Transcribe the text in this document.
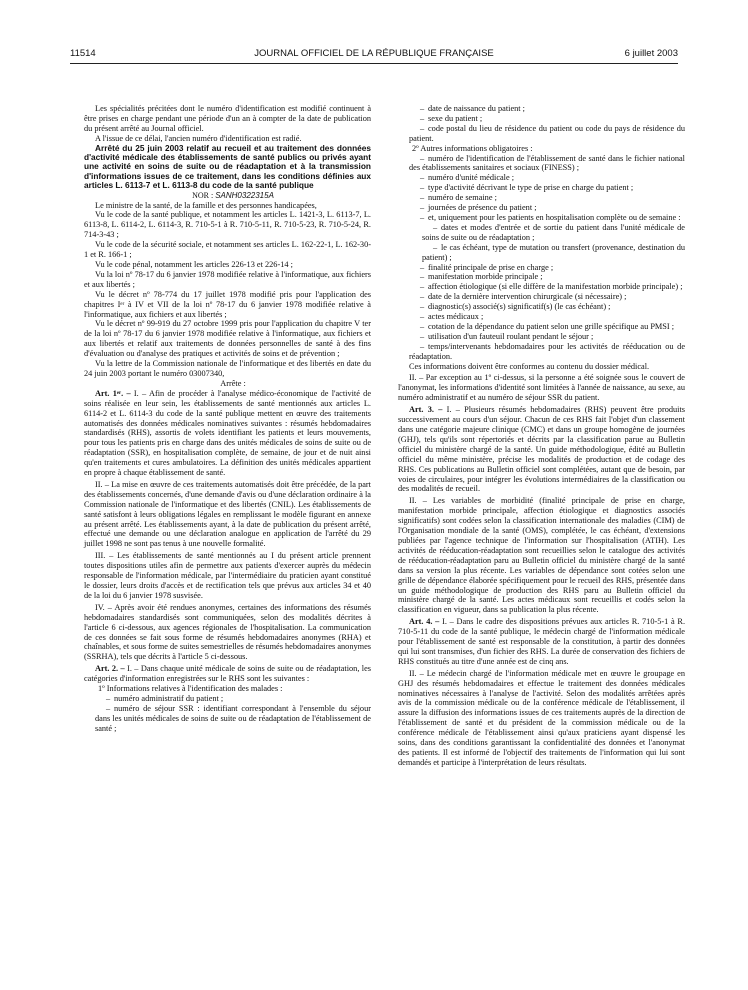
11514	JOURNAL OFFICIEL DE LA RÉPUBLIQUE FRANÇAISE	6 juillet 2003

Les spécialités précitées dont le numéro d'identification est modifié continuent à être prises en charge pendant une période d'un an à compter de la date de publication du présent arrêté au Journal officiel.

A l'issue de ce délai, l'ancien numéro d'identification est radié.

Arrêté du 25 juin 2003 relatif au recueil et au traitement des données d'activité médicale des établissements de santé publics ou privés ayant une activité en soins de suite ou de réadaptation et à la transmission d'informations issues de ce traitement, dans les conditions définies aux articles L. 6113-7 et L. 6113-8 du code de la santé publique

NOR : SANH0322315A

Le ministre de la santé, de la famille et des personnes handicapées,

Vu le code de la santé publique, et notamment les articles L. 1421-3, L. 6113-7, L. 6113-8, L. 6114-2, L. 6114-3, R. 710-5-1 à R. 710-5-11, R. 710-5-23, R. 710-5-24, R. 714-3-43 ;

Vu le code de la sécurité sociale, et notamment ses articles L. 162-22-1, L. 162-30-1 et R. 166-1 ;

Vu le code pénal, notamment les articles 226-13 et 226-14 ;

Vu la loi nº 78-17 du 6 janvier 1978 modifiée relative à l'informatique, aux fichiers et aux libertés ;

Vu le décret nº 78-774 du 17 juillet 1978 modifié pris pour l'application des chapitres Iᵉʳ à IV et VII de la loi nº 78-17 du 6 janvier 1978 modifiée relative à l'informatique, aux fichiers et aux libertés ;

Vu le décret nº 99-919 du 27 octobre 1999 pris pour l'application du chapitre V ter de la loi nº 78-17 du 6 janvier 1978 modifiée relative à l'informatique, aux fichiers et aux libertés et relatif aux traitements de données personnelles de santé à des fins d'évaluation ou d'analyse des pratiques et activités de soins et de prévention ;

Vu la lettre de la Commission nationale de l'informatique et des libertés en date du 24 juin 2003 portant le numéro 03007340,

Arrête :

Art. 1ᵉʳ. – I. – Afin de procéder à l'analyse médico-économique de l'activité de soins réalisée en leur sein, les établissements de santé mentionnés aux articles L. 6114-2 et L. 6114-3 du code de la santé publique mettent en œuvre des traitements automatisés des données médicales nominatives suivantes : résumés hebdomadaires standardisés (RHS), assortis de volets identifiant les patients et leurs mouvements, pour tous les patients pris en charge dans des unités médicales de soins de suite ou de réadaptation (SSR), en hospitalisation complète, de semaine, de jour et de nuit ainsi qu'en traitements et cures ambulatoires. La définition des unités médicales appartient en propre à chaque établissement de santé.

II. – La mise en œuvre de ces traitements automatisés doit être précédée, de la part des établissements concernés, d'une demande d'avis ou d'une déclaration ordinaire à la Commission nationale de l'informatique et des libertés (CNIL). Les établissements de santé satisfont à leurs obligations légales en remplissant le modèle figurant en annexe au présent arrêté. Les établissements ayant, à la date de publication du présent arrêté, effectué une demande ou une déclaration analogue en application de l'arrêté du 29 juillet 1998 ne sont pas tenus à une nouvelle formalité.

III. – Les établissements de santé mentionnés au I du présent article prennent toutes dispositions utiles afin de permettre aux patients d'exercer auprès du médecin responsable de l'information médicale, par l'intermédiaire du praticien ayant constitué le dossier, leurs droits d'accès et de rectification tels que prévus aux articles 34 et 40 de la loi du 6 janvier 1978 susvisée.

IV. – Après avoir été rendues anonymes, certaines des informations des résumés hebdomadaires standardisés sont communiquées, selon des modalités décrites à l'article 6 ci-dessous, aux agences régionales de l'hospitalisation. La communication de ces données se fait sous forme de résumés hebdomadaires anonymes (RHA) et chaînables, et sous forme de suites semestrielles de résumés hebdomadaires anonymes (SSRHA), tels que décrits à l'article 5 ci-dessous.

Art. 2. – I. – Dans chaque unité médicale de soins de suite ou de réadaptation, les catégories d'information enregistrées sur le RHS sont les suivantes :

1º Informations relatives à l'identification des malades :

– numéro administratif du patient ;

– numéro de séjour SSR : identifiant correspondant à l'ensemble du séjour dans les unités médicales de soins de suite ou de réadaptation de l'établissement de santé ;

– date de naissance du patient ;

– sexe du patient ;

– code postal du lieu de résidence du patient ou code du pays de résidence du patient.

2º Autres informations obligatoires :

– numéro de l'identification de l'établissement de santé dans le fichier national des établissements sanitaires et sociaux (FINESS) ;

– numéro d'unité médicale ;

– type d'activité décrivant le type de prise en charge du patient ;

– numéro de semaine ;

– journées de présence du patient ;

– et, uniquement pour les patients en hospitalisation complète ou de semaine :

– dates et modes d'entrée et de sortie du patient dans l'unité médicale de soins de suite ou de réadaptation ;

– le cas échéant, type de mutation ou transfert (provenance, destination du patient) ;

– finalité principale de prise en charge ;

– manifestation morbide principale ;

– affection étiologique (si elle diffère de la manifestation morbide principale) ;

– date de la dernière intervention chirurgicale (si nécessaire) ;

– diagnostic(s) associé(s) significatif(s) (le cas échéant) ;

– actes médicaux ;

– cotation de la dépendance du patient selon une grille spécifique au PMSI ;

– utilisation d'un fauteuil roulant pendant le séjour ;

– temps/intervenants hebdomadaires pour les activités de rééducation ou de réadaptation.

Ces informations doivent être conformes au contenu du dossier médical.

II. – Par exception au 1º ci-dessus, si la personne a été soignée sous le couvert de l'anonymat, les informations d'identité sont limitées à l'année de naissance, au sexe, au numéro administratif et au numéro de séjour SSR du patient.

Art. 3. – I. – Plusieurs résumés hebdomadaires (RHS) peuvent être produits successivement au cours d'un séjour. Chacun de ces RHS fait l'objet d'un classement dans une catégorie majeure clinique (CMC) et dans un groupe homogène de journées (GHJ), tels qu'ils sont répertoriés et décrits par la classification parue au Bulletin officiel du ministère chargé de la santé. Un guide méthodologique, édité au Bulletin officiel du même ministère, précise les modalités de production et de codage des RHS. Ces publications au Bulletin officiel sont complétées, autant que de besoin, par voies de circulaires, pour intégrer les évolutions intermédiaires de la classification ou des modalités de recueil.

II. – Les variables de morbidité (finalité principale de prise en charge, manifestation morbide principale, affection étiologique et diagnostics associés significatifs) sont codées selon la classification internationale des maladies (CIM) de l'Organisation mondiale de la santé (OMS), complétée, le cas échéant, d'extensions publiées par l'agence technique de l'information sur l'hospitalisation (ATIH). Les activités de rééducation-réadaptation sont recueillies selon le catalogue des activités de rééducation-réadaptation paru au Bulletin officiel du ministère chargé de la santé dans sa version la plus récente. Les variables de dépendance sont cotées selon une grille de dépendance élaborée spécifiquement pour le recueil des RHS, présentée dans un guide méthodologique de production des RHS paru au Bulletin officiel du ministère chargé de la santé. Les actes médicaux sont recueillis et codés selon la classification en vigueur, dans sa publication la plus récente.

Art. 4. – I. – Dans le cadre des dispositions prévues aux articles R. 710-5-1 à R. 710-5-11 du code de la santé publique, le médecin chargé de l'information médicale pour l'établissement de santé est responsable de la constitution, à partir des données qui lui sont transmises, d'un fichier des RHS. La durée de conservation des fichiers de RHS constitués au titre d'une année est de cinq ans.

II. – Le médecin chargé de l'information médicale met en œuvre le groupage en GHJ des résumés hebdomadaires et effectue le traitement des données médicales nominatives nécessaires à l'analyse de l'activité. Selon des modalités arrêtées après avis de la commission médicale ou de la conférence médicale de l'établissement, il assure la diffusion des informations issues de ces traitements auprès de la direction de l'établissement de santé et du président de la commission médicale ou de la conférence médicale de l'établissement ainsi qu'aux praticiens ayant dispensé les soins, dans des conditions garantissant la confidentialité des données et l'anonymat des patients. Il est informé de l'objectif des traitements de l'information qui lui sont demandés et participe à l'interprétation de leurs résultats.
